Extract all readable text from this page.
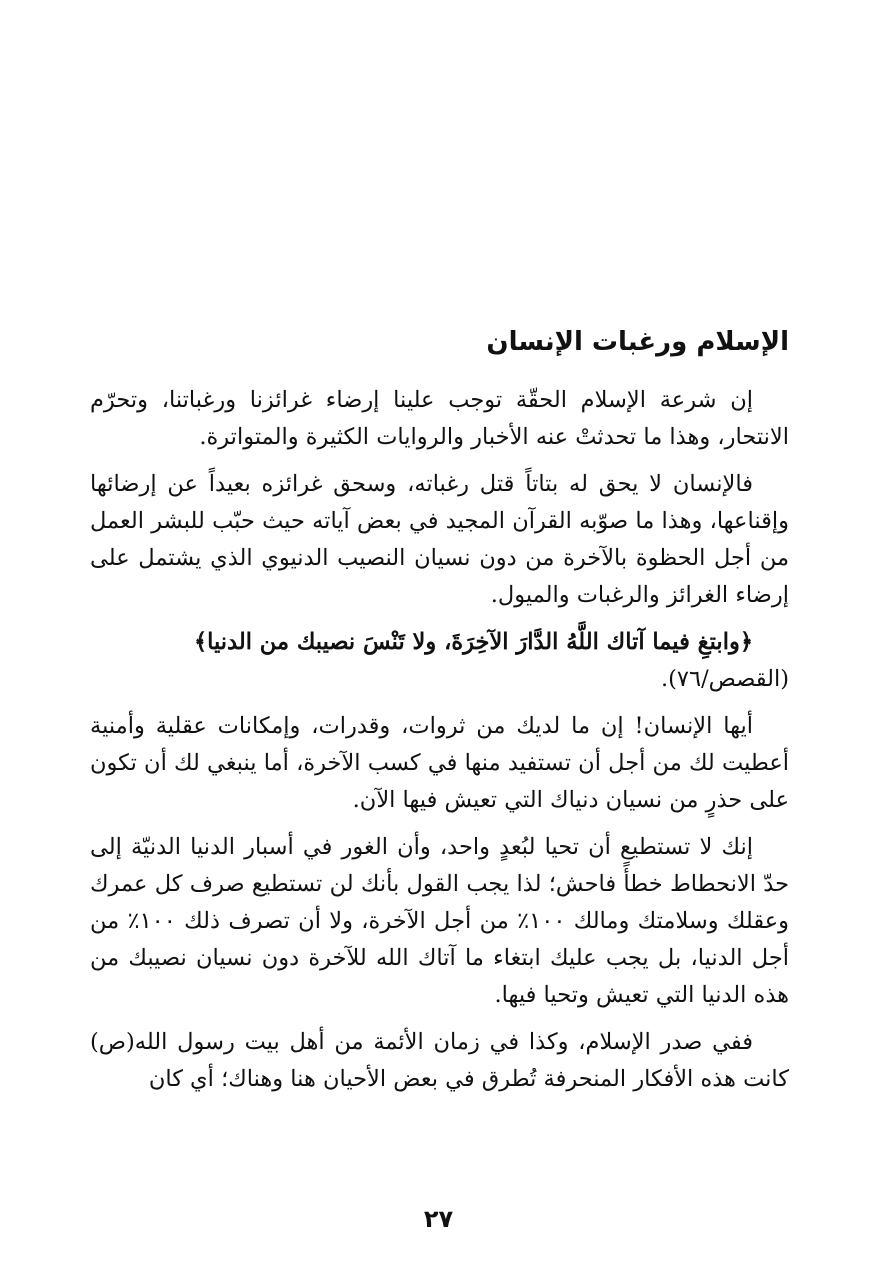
الإسلام ورغبات الإنسان

إن شرعة الإسلام الحقّة توجب علينا إرضاء غرائزنا ورغباتنا، وتحرّم الانتحار، وهذا ما تحدثتْ عنه الأخبار والروايات الكثيرة والمتواترة.

فالإنسان لا يحق له بتاتاً قتل رغباته، وسحق غرائزه بعيداً عن إرضائها وإقناعها، وهذا ما صوّبه القرآن المجيد في بعض آياته حيث حبّب للبشر العمل من أجل الحظوة بالآخرة من دون نسيان النصيب الدنيوي الذي يشتمل على إرضاء الغرائز والرغبات والميول.

﴿وابتغِ فيما آتاك اللَّهُ الدَّارَ الآخِرَةَ، ولا تَنْسَ نصيبك من الدنيا﴾
(القصص/٧٦).

أيها الإنسان! إن ما لديك من ثروات، وقدرات، وإمكانات عقلية وأمنية أعطيت لك من أجل أن تستفيد منها في كسب الآخرة، أما ينبغي لك أن تكون على حذرٍ من نسيان دنياك التي تعيش فيها الآن.

إنك لا تستطيع أن تحيا لبُعدٍ واحد، وأن الغور في أسبار الدنيا الدنيّة إلى حدّ الانحطاط خطأً فاحش؛ لذا يجب القول بأنك لن تستطيع صرف كل عمرك وعقلك وسلامتك ومالك ١٠٠٪ من أجل الآخرة، ولا أن تصرف ذلك ١٠٠٪ من أجل الدنيا، بل يجب عليك ابتغاء ما آتاك الله للآخرة دون نسيان نصيبك من هذه الدنيا التي تعيش وتحيا فيها.

ففي صدر الإسلام، وكذا في زمان الأئمة من أهل بيت رسول الله(ص) كانت هذه الأفكار المنحرفة تُطرق في بعض الأحيان هنا وهناك؛ أي كان

٢٧
